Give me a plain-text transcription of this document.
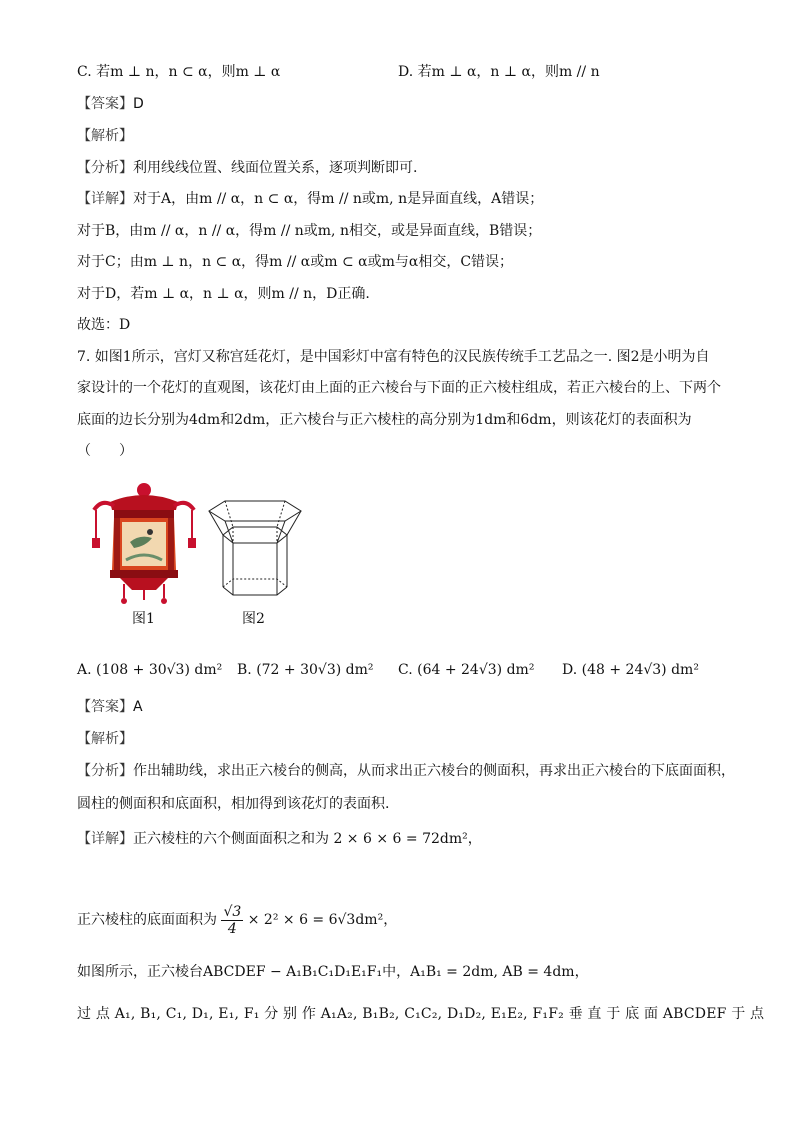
C. 若m ⊥ n，n ⊂ α，则m ⊥ α	D. 若m ⊥ α，n ⊥ α，则m // n
【答案】D
【解析】
【分析】利用线线位置、线面位置关系，逐项判断即可.
【详解】对于A，由m // α，n ⊂ α，得m // n或m, n是异面直线，A错误；
对于B，由m // α，n // α，得m // n或m, n相交，或是异面直线，B错误；
对于C；由m ⊥ n，n ⊂ α，得m // α或m ⊂ α或m与α相交，C错误；
对于D，若m ⊥ α，n ⊥ α，则m // n，D正确.
故选：D
7. 如图1所示，宫灯又称宫廷花灯，是中国彩灯中富有特色的汉民族传统手工艺品之一. 图2是小明为自
家设计的一个花灯的直观图，该花灯由上面的正六棱台与下面的正六棱柱组成，若正六棱台的上、下两个
底面的边长分别为4dm和2dm，正六棱台与正六棱柱的高分别为1dm和6dm，则该花灯的表面积为
（　　）
图1	图2
A. (108 + 30√3) dm² B. (72 + 30√3) dm² C. (64 + 24√3) dm² D. (48 + 24√3) dm²
【答案】A
【解析】
【分析】作出辅助线，求出正六棱台的侧高，从而求出正六棱台的侧面积，再求出正六棱台的下底面面积，
圆柱的侧面积和底面积，相加得到该花灯的表面积.
【详解】正六棱柱的六个侧面面积之和为 2 × 6 × 6 = 72dm²，
正六棱柱的底面面积为 $\frac{√3}{4} \times 2^2 \times 6 = 6√3dm^2$，
如图所示，正六棱台ABCDEF − A₁B₁C₁D₁E₁F₁中，A₁B₁ = 2dm, AB = 4dm，
过 点 A₁, B₁, C₁, D₁, E₁, F₁ 分 别 作 A₁A₂, B₁B₂, C₁C₂, D₁D₂, E₁E₂, F₁F₂ 垂 直 于 底 面 ABCDEF 于 点
